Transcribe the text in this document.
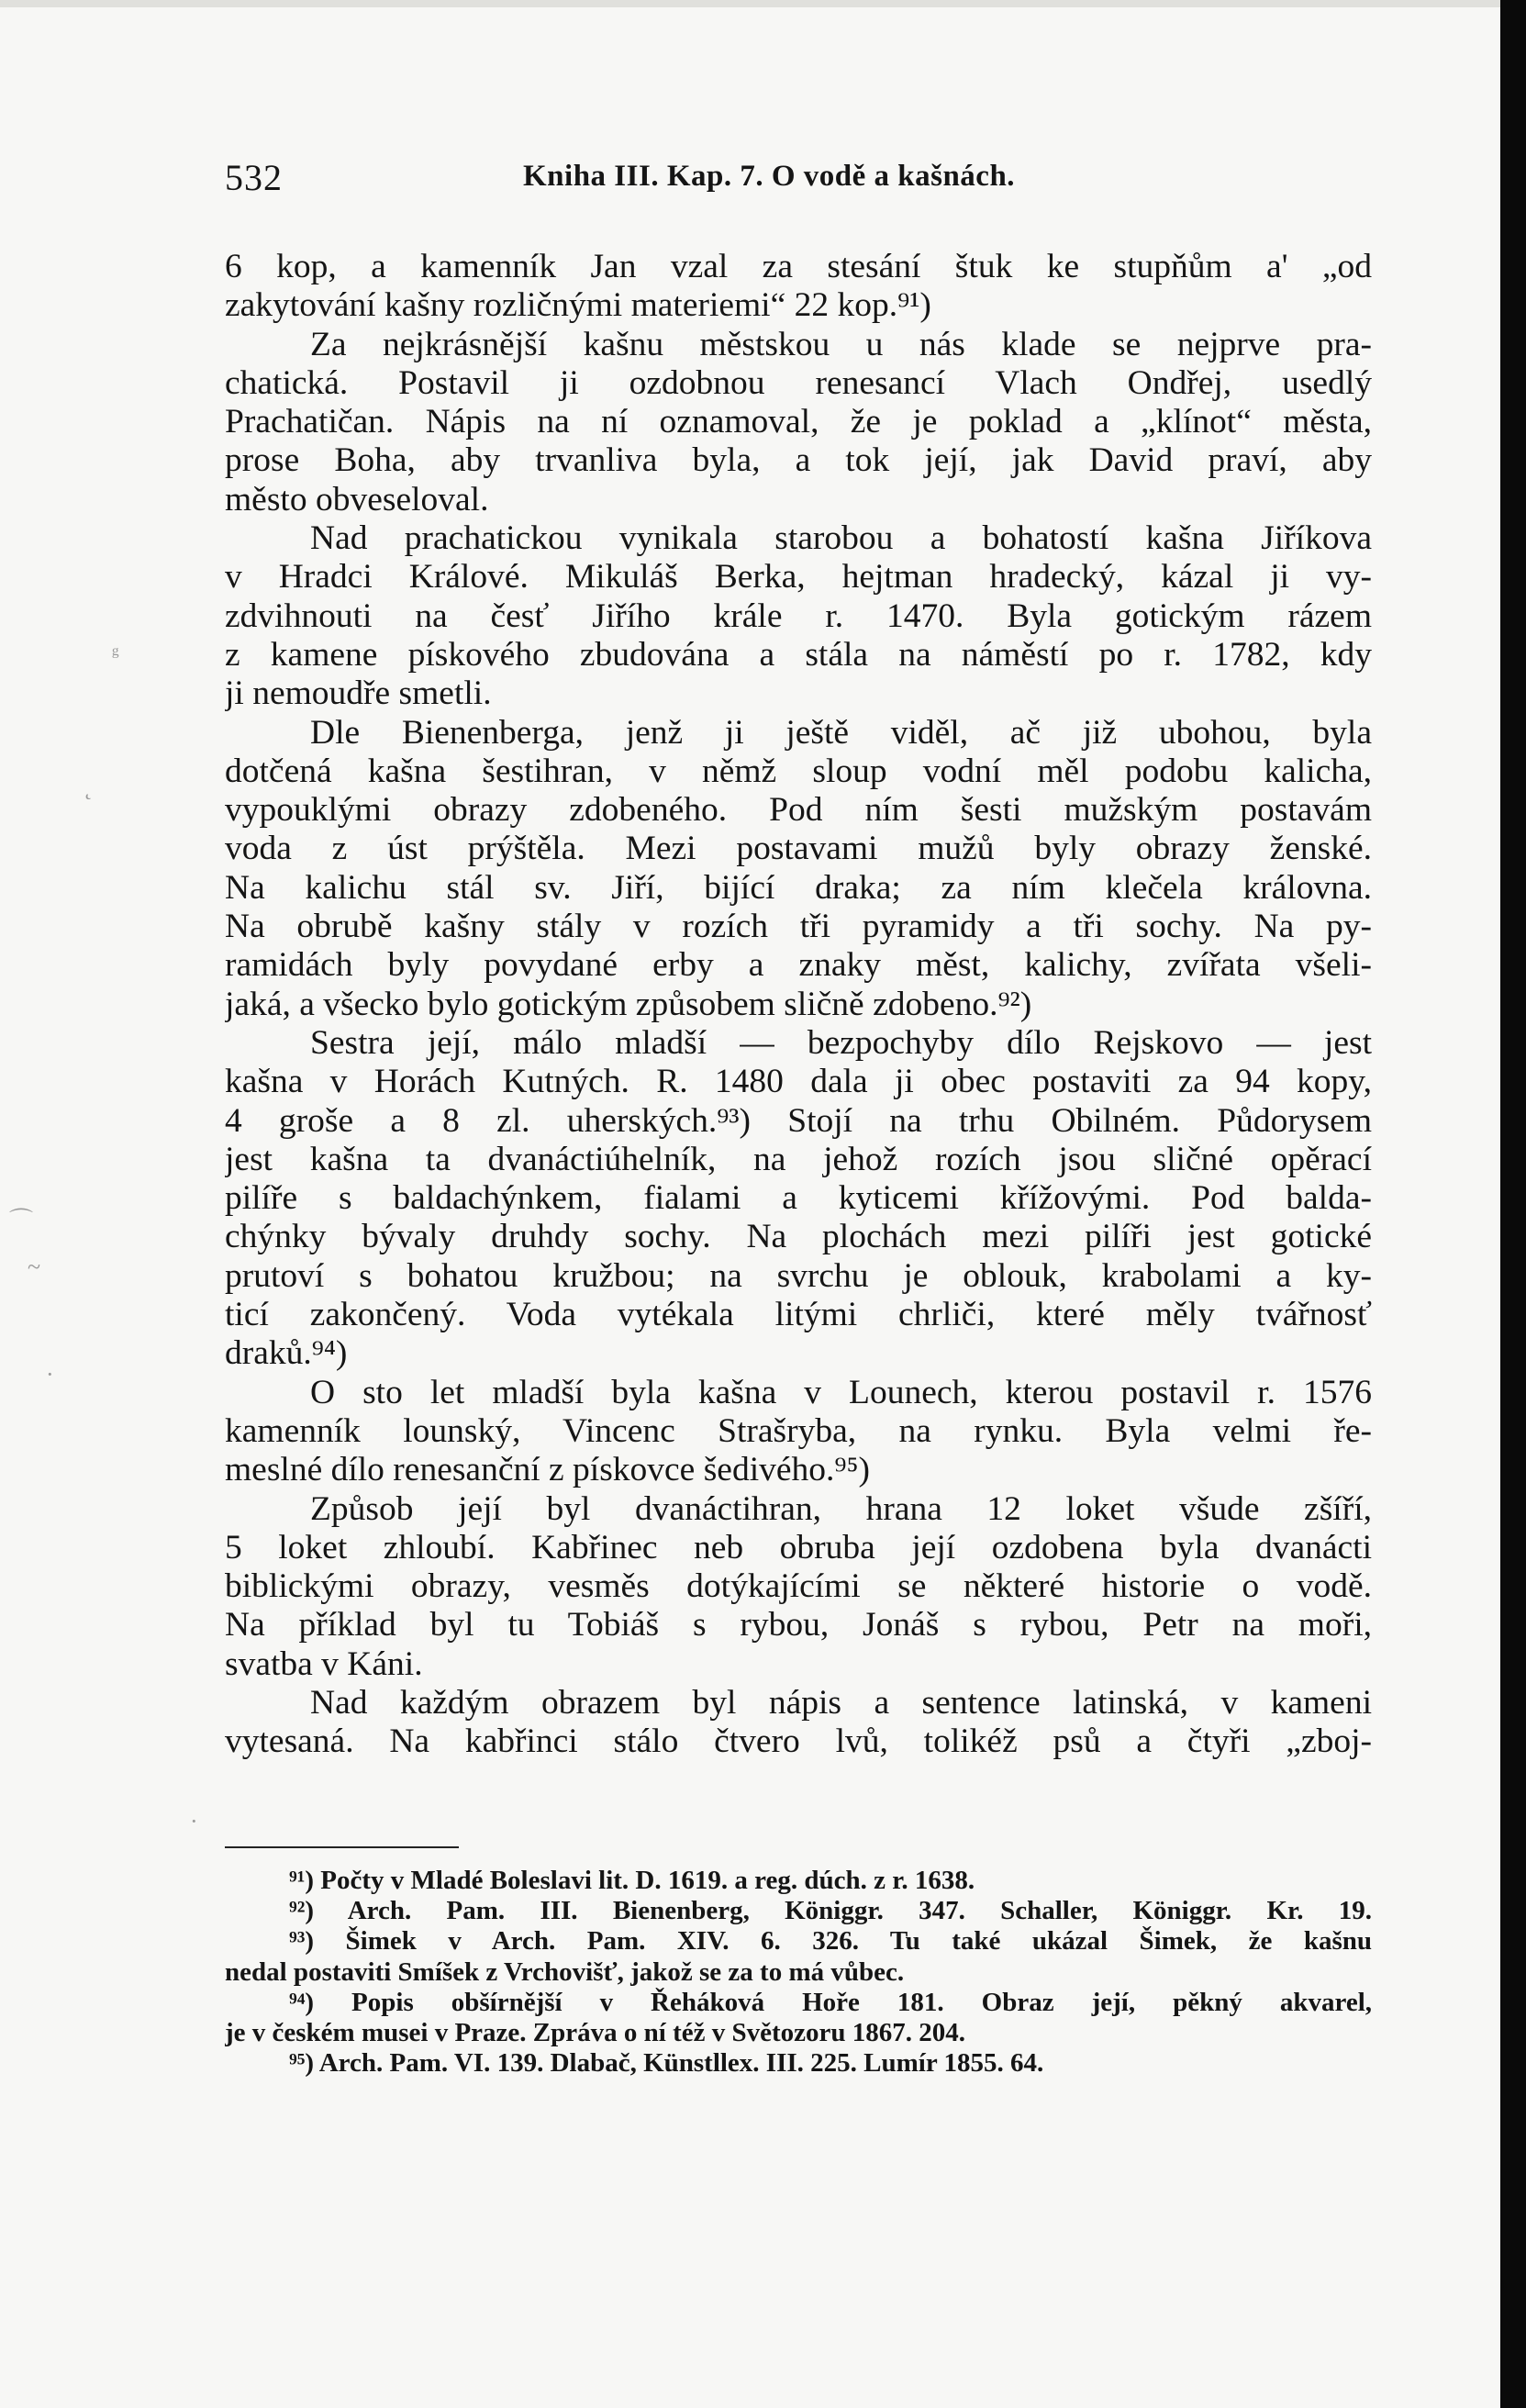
532	Kniha III. Kap. 7. O vodě a kašnách.
6 kop, a kamenník Jan vzal za stesání štuk ke stupňům a' „od
zakytování kašny rozličnými materiemi“ 22 kop.⁹¹)
Za nejkrásnější kašnu městskou u nás klade se nejprve pra-
chatická. Postavil ji ozdobnou renesancí Vlach Ondřej, usedlý
Prachatičan. Nápis na ní oznamoval, že je poklad a „klínot“ města,
prose Boha, aby trvanliva byla, a tok její, jak David praví, aby
město obveseloval.
Nad prachatickou vynikala starobou a bohatostí kašna Jiříkova
v Hradci Králové. Mikuláš Berka, hejtman hradecký, kázal ji vy-
zdvihnouti na česť Jiřího krále r. 1470. Byla gotickým rázem
z kamene pískového zbudována a stála na náměstí po r. 1782, kdy
ji nemoudře smetli.
Dle Bienenberga, jenž ji ještě viděl, ač již ubohou, byla
dotčená kašna šestihran, v němž sloup vodní měl podobu kalicha,
vypouklými obrazy zdobeného. Pod ním šesti mužským postavám
voda z úst prýštěla. Mezi postavami mužů byly obrazy ženské.
Na kalichu stál sv. Jiří, bijící draka; za ním klečela královna.
Na obrubě kašny stály v rozích tři pyramidy a tři sochy. Na py-
ramidách byly povydané erby a znaky měst, kalichy, zvířata všeli-
jaká, a všecko bylo gotickým způsobem sličně zdobeno.⁹²)
Sestra její, málo mladší — bezpochyby dílo Rejskovo — jest
kašna v Horách Kutných. R. 1480 dala ji obec postaviti za 94 kopy,
4 groše a 8 zl. uherských.⁹³) Stojí na trhu Obilném. Půdorysem
jest kašna ta dvanáctiúhelník, na jehož rozích jsou sličné opěrací
pilíře s baldachýnkem, fialami a kyticemi křížovými. Pod balda-
chýnky bývaly druhdy sochy. Na plochách mezi pilíři jest gotické
prutoví s bohatou kružbou; na svrchu je oblouk, krabolami a ky-
ticí zakončený. Voda vytékala litými chrliči, které měly tvářnosť
draků.⁹⁴)
O sto let mladší byla kašna v Lounech, kterou postavil r. 1576
kamenník lounský, Vincenc Strašryba, na rynku. Byla velmi ře-
meslné dílo renesanční z pískovce šedivého.⁹⁵)
Způsob její byl dvanáctihran, hrana 12 loket všude zšíří,
5 loket zhloubí. Kabřinec neb obruba její ozdobena byla dvanácti
biblickými obrazy, vesměs dotýkajícími se některé historie o vodě.
Na příklad byl tu Tobiáš s rybou, Jonáš s rybou, Petr na moři,
svatba v Káni.
Nad každým obrazem byl nápis a sentence latinská, v kameni
vytesaná. Na kabřinci stálo čtvero lvů, tolikéž psů a čtyři „zboj-
⁹¹) Počty v Mladé Boleslavi lit. D. 1619. a reg. dúch. z r. 1638.
⁹²) Arch. Pam. III. Bienenberg, Königgr. 347. Schaller, Königgr. Kr. 19.
⁹³) Šimek v Arch. Pam. XIV. 6. 326. Tu také ukázal Šimek, že kašnu
nedal postaviti Smíšek z Vrchovišť, jakož se za to má vůbec.
⁹⁴) Popis obšírnější v Řeháková Hoře 181. Obraz její, pěkný akvarel,
je v českém musei v Praze. Zpráva o ní též v Světozoru 1867. 204.
⁹⁵) Arch. Pam. VI. 139. Dlabač, Künstllex. III. 225. Lumír 1855. 64.
ᵍ
˛
⌒
~
·
·
